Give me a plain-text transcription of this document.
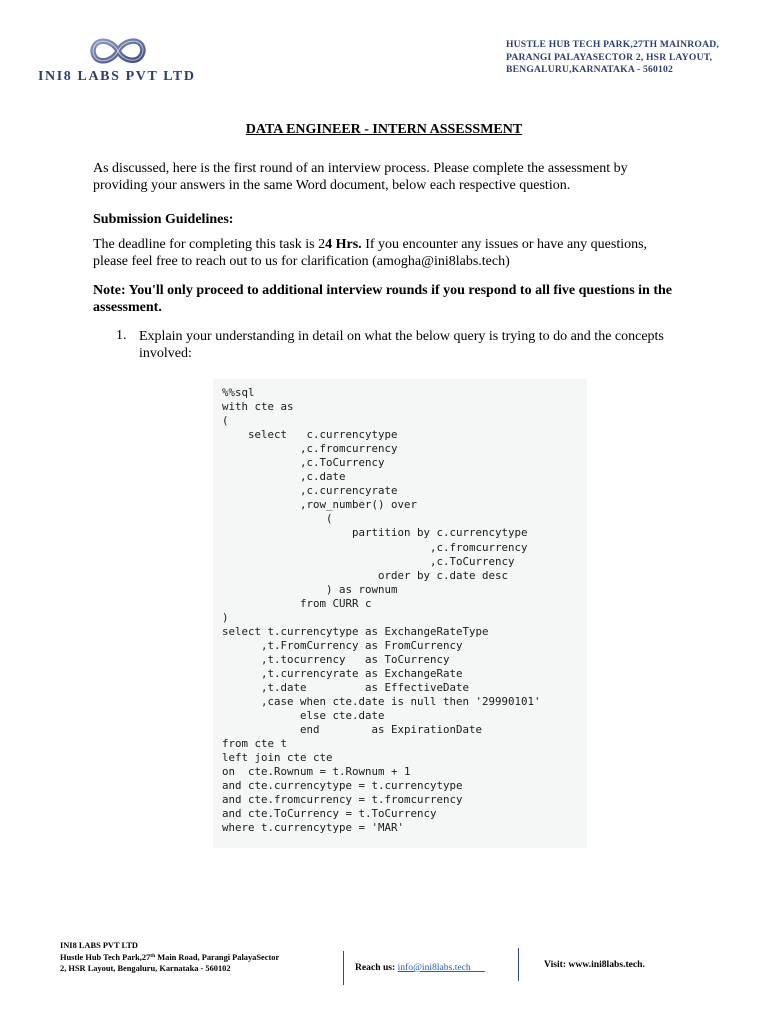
INI8 LABS PVT LTD
HUSTLE HUB TECH PARK,27TH MAINROAD,
PARANGI PALAYASECTOR 2, HSR LAYOUT,
BENGALURU,KARNATAKA - 560102
DATA ENGINEER - INTERN ASSESSMENT
As discussed, here is the first round of an interview process. Please complete the assessment by providing your answers in the same Word document, below each respective question.
Submission Guidelines:
The deadline for completing this task is 24 Hrs. If you encounter any issues or have any questions, please feel free to reach out to us for clarification (amogha@ini8labs.tech)
Note: You'll only proceed to additional interview rounds if you respond to all five questions in the assessment.
1. Explain your understanding in detail on what the below query is trying to do and the concepts involved:
%%sql
with cte as
(
select   c.currencytype
,c.fromcurrency
,c.ToCurrency
,c.date
,c.currencyrate
,row_number() over
(
partition by c.currencytype
,c.fromcurrency
,c.ToCurrency
order by c.date desc
) as rownum
from CURR c
)
select t.currencytype as ExchangeRateType
,t.FromCurrency as FromCurrency
,t.tocurrency   as ToCurrency
,t.currencyrate as ExchangeRate
,t.date         as EffectiveDate
,case when cte.date is null then '29990101'
else cte.date
end        as ExpirationDate
from cte t
left join cte cte
on  cte.Rownum = t.Rownum + 1
and cte.currencytype = t.currencytype
and cte.fromcurrency = t.fromcurrency
and cte.ToCurrency = t.ToCurrency
where t.currencytype = 'MAR'
INI8 LABS PVT LTD
Hustle Hub Tech Park,27th Main Road, Parangi PalayaSector
2, HSR Layout, Bengaluru, Karnataka - 560102	Reach us: info@ini8labs.tech	Visit: www.ini8labs.tech.
